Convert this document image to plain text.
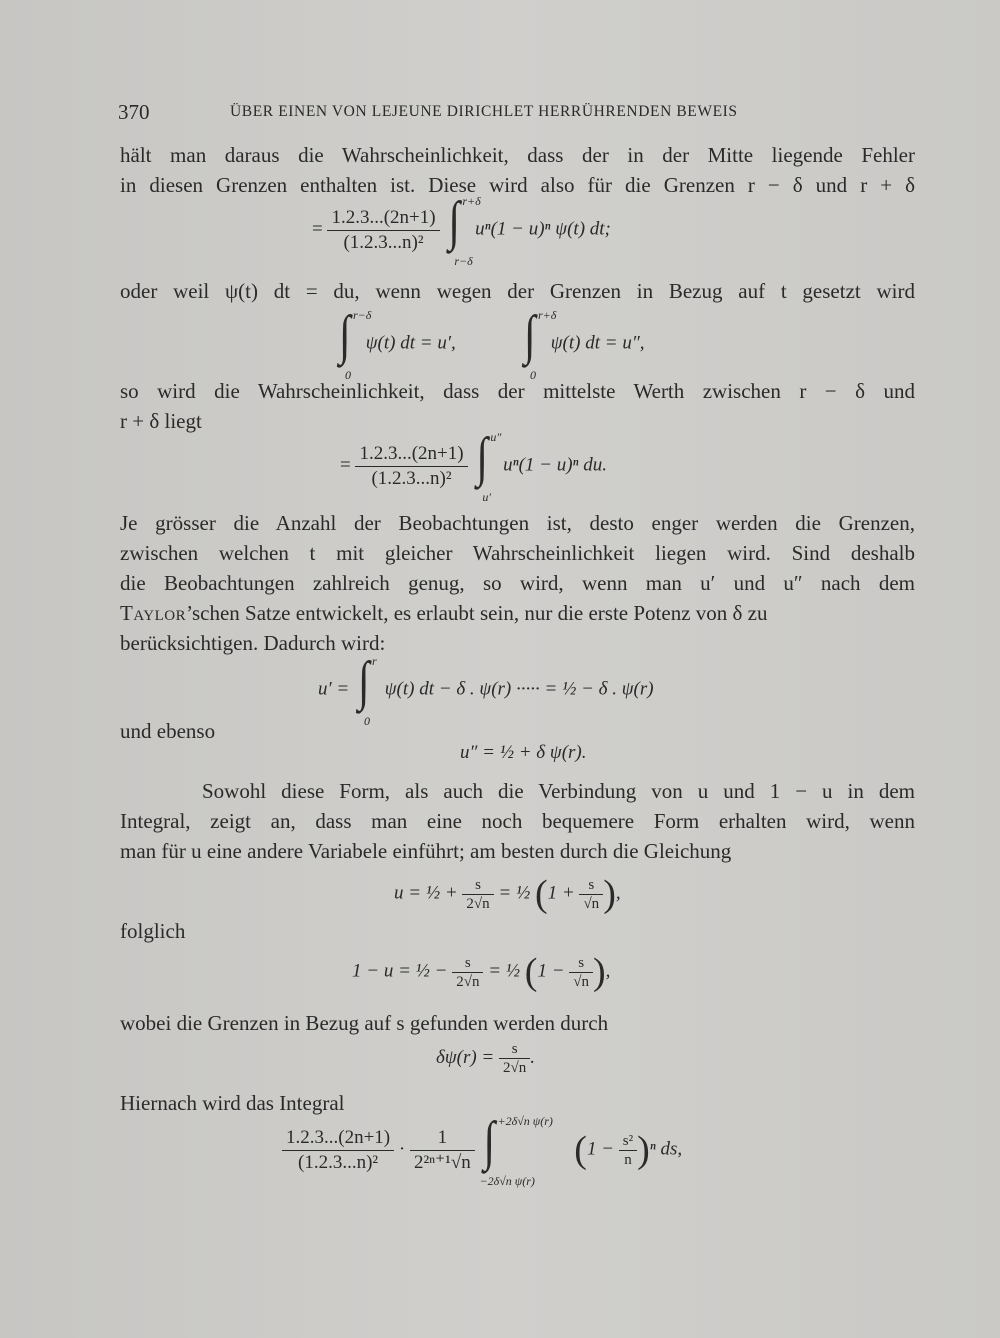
370	ÜBER EINEN VON LEJEUNE DIRICHLET HERRÜHRENDEN BEWEIS
hält man daraus die Wahrscheinlichkeit, dass der in der Mitte liegende Fehler
in diesen Grenzen enthalten ist. Diese wird also für die Grenzen r − δ und r + δ
= $\frac{1.2.3...(2n+1)}{\text{(1.2.3...n)²}}$
∫ r+δ
r−δ
uⁿ(1 − u)ⁿ ψ(t) dt;
oder weil ψ(t) dt = du, wenn wegen der Grenzen in Bezug auf t gesetzt wird
∫ r−δ
0
ψ(t) dt = u′, ∫ r+δ
0
ψ(t) dt = u″,
so wird die Wahrscheinlichkeit, dass der mittelste Werth zwischen r − δ und
r + δ liegt
= $\frac{1.2.3...(2n+1)}{\text{(1.2.3...n)²}}$
∫ u″
u′
uⁿ(1 − u)ⁿ du.
Je grösser die Anzahl der Beobachtungen ist, desto enger werden die Grenzen,
zwischen welchen t mit gleicher Wahrscheinlichkeit liegen wird. Sind deshalb
die Beobachtungen zahlreich genug, so wird, wenn man u′ und u″ nach dem
Taylor’schen Satze entwickelt, es erlaubt sein, nur die erste Potenz von δ zu
berücksichtigen. Dadurch wird:
u′ = ∫ r
0
ψ(t) dt − δ . ψ(r) ····· = ½ − δ . ψ(r)
und ebenso
u″ = ½ + δ ψ(r).
Sowohl diese Form, als auch die Verbindung von u und 1 − u in dem
Integral, zeigt an, dass man eine noch bequemere Form erhalten wird, wenn
man für u eine andere Variabele einführt; am besten durch die Gleichung
u = ½ + $\frac{s}{2√n}$ = ½ ($1 + \frac{s}{√n}$ ),
folglich
1 − u = ½ − $\frac{s}{2√n}$ = ½ ($1 - \frac{s}{√n}$ ),
wobei die Grenzen in Bezug auf s gefunden werden durch
$\delta\psi(r) = \frac{s}{2√n}$ .
Hiernach wird das Integral
$\frac{1.2.3...(2n+1)}{\text{(1.2.3...n)²}} \cdot \frac{1}{\text{2²ⁿ⁺¹√n}}$
∫ +2δ√n ψ(r)
−2δ√n ψ(r)
$(1 - \frac{\text{s²}}{n} )^n$ ds,
